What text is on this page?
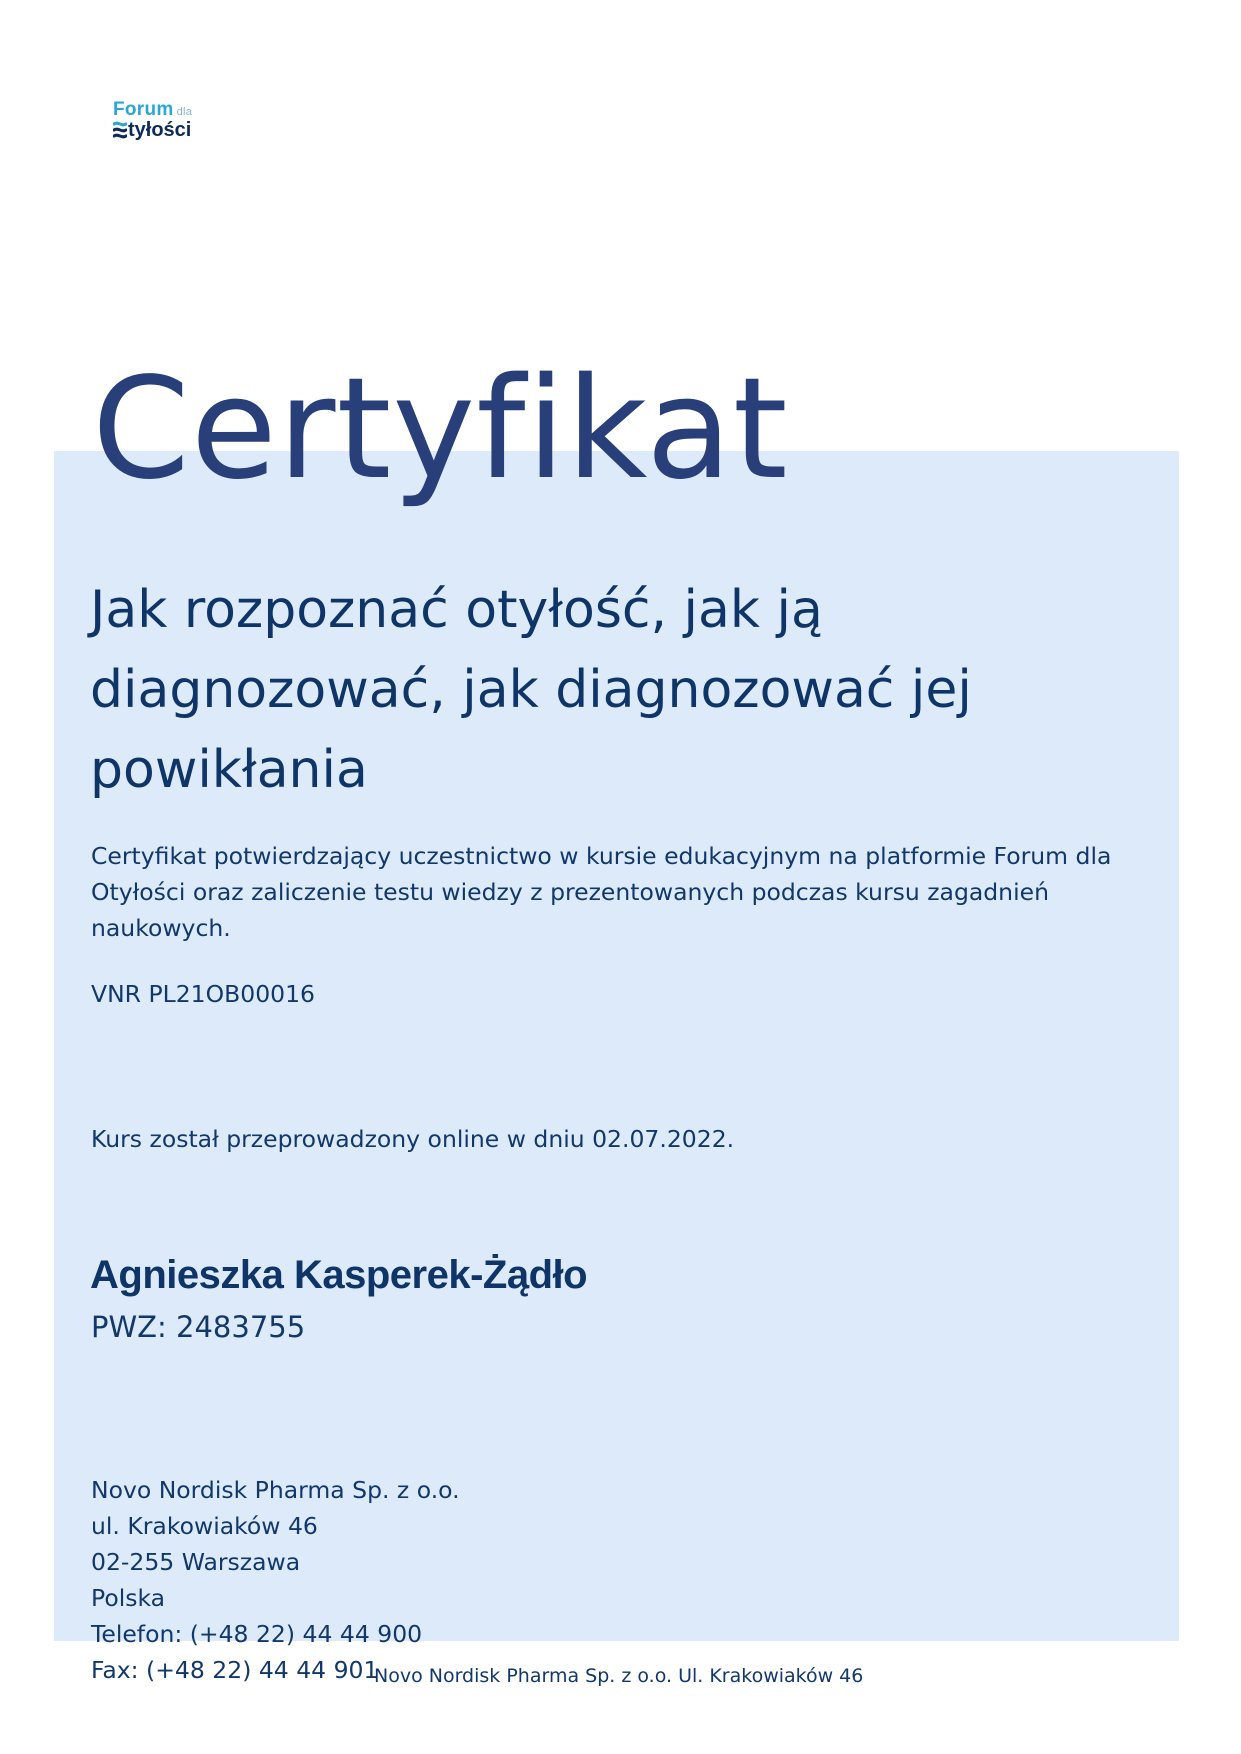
Forum dla
tyłości
Certyfikat
Jak rozpoznać otyłość, jak ją diagnozować, jak diagnozować jej powikłania
Certyfikat potwierdzający uczestnictwo w kursie edukacyjnym na platformie Forum dla Otyłości oraz zaliczenie testu wiedzy z prezentowanych podczas kursu zagadnień naukowych.
VNR PL21OB00016
Kurs został przeprowadzony online w dniu 02.07.2022.
Agnieszka Kasperek-Żądło
PWZ: 2483755
Novo Nordisk Pharma Sp. z o.o.
ul. Krakowiaków 46
02-255 Warszawa
Polska
Telefon: (+48 22) 44 44 900
Fax: (+48 22) 44 44 901
Novo Nordisk Pharma Sp. z o.o. Ul. Krakowiaków 46
